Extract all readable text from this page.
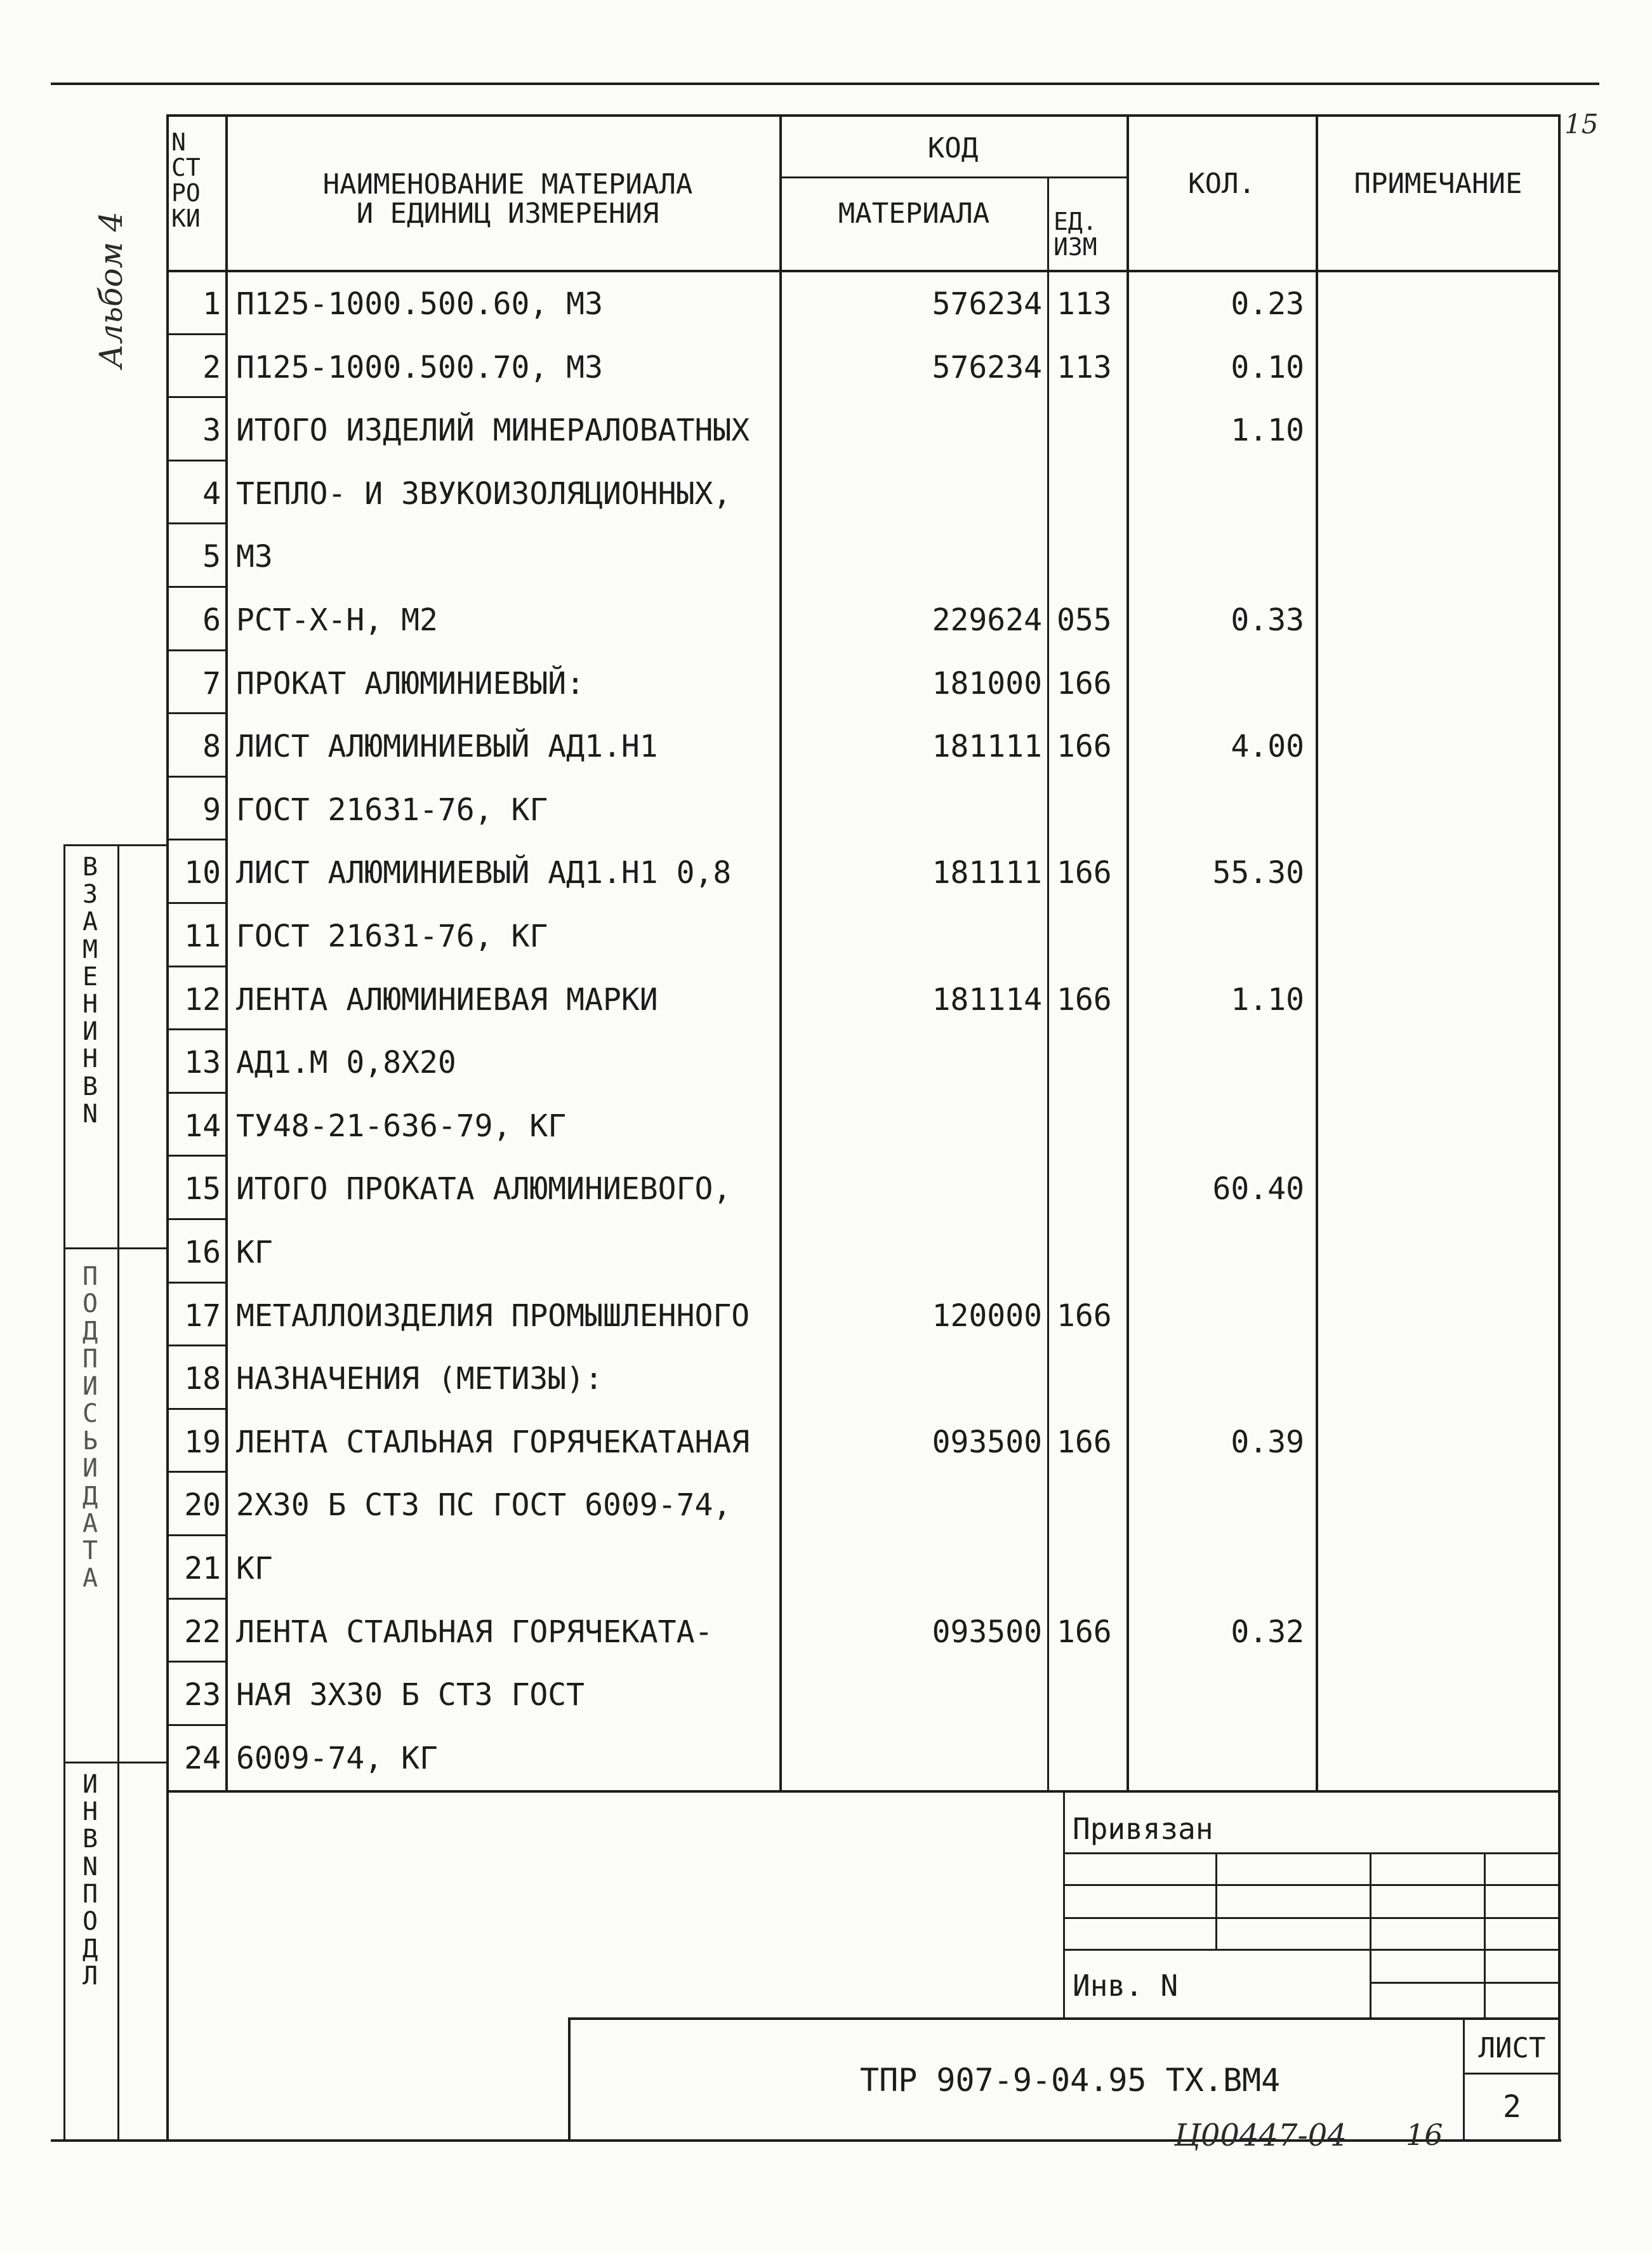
N
СТ
РО
КИ
НАИМЕНОВАНИЕ МАТЕРИАЛА
И ЕДИНИЦ ИЗМЕРЕНИЯ
КОД
МАТЕРИАЛА	ЕД.
ИЗМ
КОЛ.	ПРИМЕЧАНИЕ
1 П125-1000.500.60, М3	576234 113	0.23
2 П125-1000.500.70, М3	576234 113	0.10
3 ИТОГО ИЗДЕЛИЙ МИНЕРАЛОВАТНЫХ	1.10
4 ТЕПЛО- И ЗВУКОИЗОЛЯЦИОННЫХ,
5 М3
6 РСТ-Х-Н, М2	229624 055	0.33
7 ПРОКАТ АЛЮМИНИЕВЫЙ:	181000 166
8 ЛИСТ АЛЮМИНИЕВЫЙ АД1.Н1	181111 166	4.00
9 ГОСТ 21631-76, КГ
10 ЛИСТ АЛЮМИНИЕВЫЙ АД1.Н1 0,8	181111 166	55.30
11 ГОСТ 21631-76, КГ
12 ЛЕНТА АЛЮМИНИЕВАЯ МАРКИ	181114 166	1.10
13 АД1.М 0,8Х20
14 ТУ48-21-636-79, КГ
15 ИТОГО ПРОКАТА АЛЮМИНИЕВОГО,	60.40
16 КГ
17 МЕТАЛЛОИЗДЕЛИЯ ПРОМЫШЛЕННОГО	120000 166
18 НАЗНАЧЕНИЯ (МЕТИЗЫ):
19 ЛЕНТА СТАЛЬНАЯ ГОРЯЧЕКАТАНАЯ	093500 166	0.39
20 2Х30 Б СТ3 ПС ГОСТ 6009-74,
21 КГ
22 ЛЕНТА СТАЛЬНАЯ ГОРЯЧЕКАТА-	093500 166	0.32
23 НАЯ 3Х30 Б СТ3 ГОСТ
24 6009-74, КГ
ВЗАМЕН ИНВ N
ПОДПИСЬ И ДАТА
ИНВ N ПОДЛ
Альбом 4
15
Привязан
Инв. N
ТПР 907-9-04.95 ТХ.ВМ4
ЛИСТ
2
Ц00447-04 16
